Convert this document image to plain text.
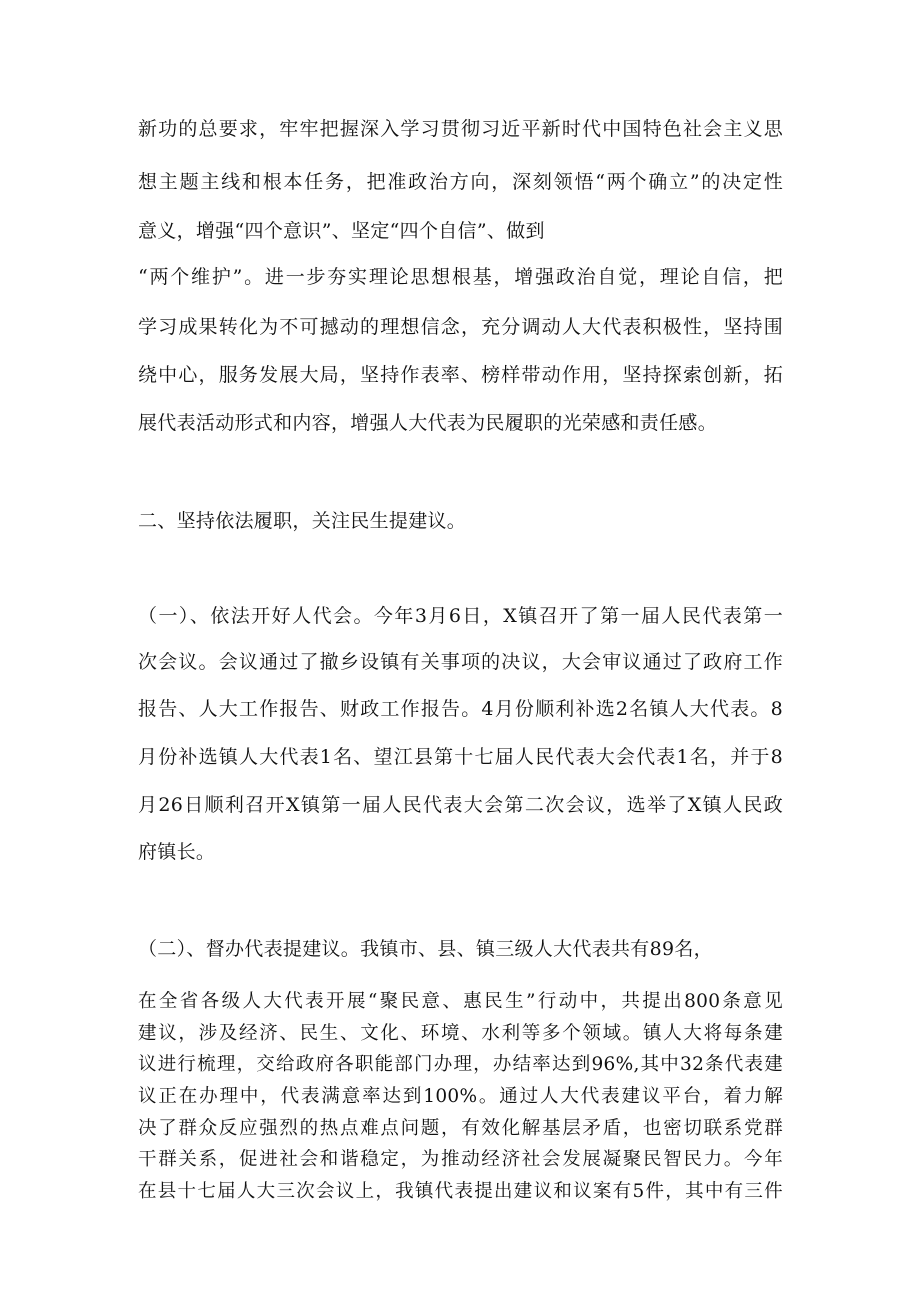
新功的总要求，牢牢把握深入学习贯彻习近平新时代中国特色社会主义思
想主题主线和根本任务，把准政治方向，深刻领悟“两个确立”的决定性
意义，增强“四个意识”、坚定“四个自信”、做到
“两个维护”。进一步夯实理论思想根基，增强政治自觉，理论自信，把
学习成果转化为不可撼动的理想信念，充分调动人大代表积极性，坚持围
绕中心，服务发展大局，坚持作表率、榜样带动作用，坚持探索创新，拓
展代表活动形式和内容，增强人大代表为民履职的光荣感和责任感。
二、坚持依法履职，关注民生提建议。
（一）、依法开好人代会。今年3月6日，X镇召开了第一届人民代表第一
次会议。会议通过了撤乡设镇有关事项的决议，大会审议通过了政府工作
报告、人大工作报告、财政工作报告。4月份顺利补选2名镇人大代表。8
月份补选镇人大代表1名、望江县第十七届人民代表大会代表1名，并于8
月26日顺利召开X镇第一届人民代表大会第二次会议，选举了X镇人民政
府镇长。
（二）、督办代表提建议。我镇市、县、镇三级人大代表共有89名，
在全省各级人大代表开展“聚民意、惠民生”行动中，共提出800条意见
建议，涉及经济、民生、文化、环境、水利等多个领域。镇人大将每条建
议进行梳理，交给政府各职能部门办理，办结率达到96%,其中32条代表建
议正在办理中，代表满意率达到100%。通过人大代表建议平台，着力解
决了群众反应强烈的热点难点问题，有效化解基层矛盾，也密切联系党群
干群关系，促进社会和谐稳定，为推动经济社会发展凝聚民智民力。今年
在县十七届人大三次会议上，我镇代表提出建议和议案有5件，其中有三件
